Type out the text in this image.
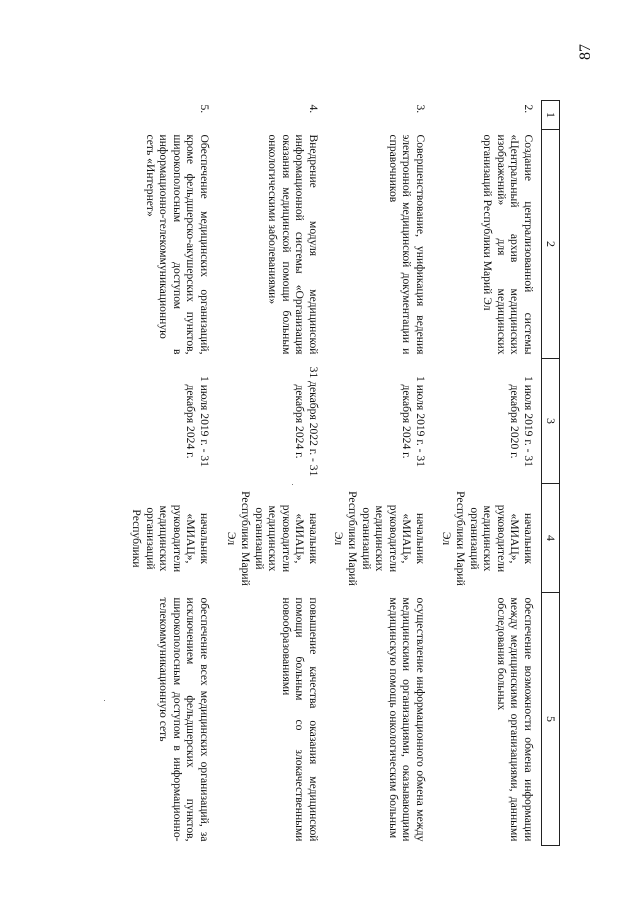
87
1	2	3	4	5
2.	Создание централизованной системы «Центральный архив медицинских изображений» для медицинских организаций Республики Марий Эл	1 июля 2019 г. - 31 декабря 2020 г.	начальник «МИАЦ», руководители медицинских организаций Республики Марий Эл	обеспечение возможности обмена информации между медицинскими организациями, данными обследования больных
3.	Совершенствование, унификация ведения электронной медицинской документации и справочников	1 июля 2019 г. - 31 декабря 2024 г.	начальник «МИАЦ», руководители медицинских организаций Республики Марий Эл	осуществление информационного обмена между медицинскими организациями, оказывающими медицинскую помощь онкологическим больным
4.	Внедрение модуля медицинской информационной системы «Организация оказания медицинской помощи больным онкологическими заболеваниями»	31 декабря 2022 г. - 31 декабря 2024 г.	начальник «МИАЦ», руководители медицинских организаций Республики Марий Эл	повышение качества оказания медицинской помощи больным со злокачественными новообразованиями
5.	Обеспечение медицинских организаций, кроме фельдшерско-акушерских пунктов, широкополосным доступом в информационно-телекоммуникационную сеть «Интернет»	1 июля 2019 г. - 31 декабря 2024 г.	начальник «МИАЦ», руководители медицинских организаций Республики	обеспечение всех медицинских организаций, за исключением фельдшерских пунктов, широкополосным доступом в информационно-телекоммуникационную сеть
